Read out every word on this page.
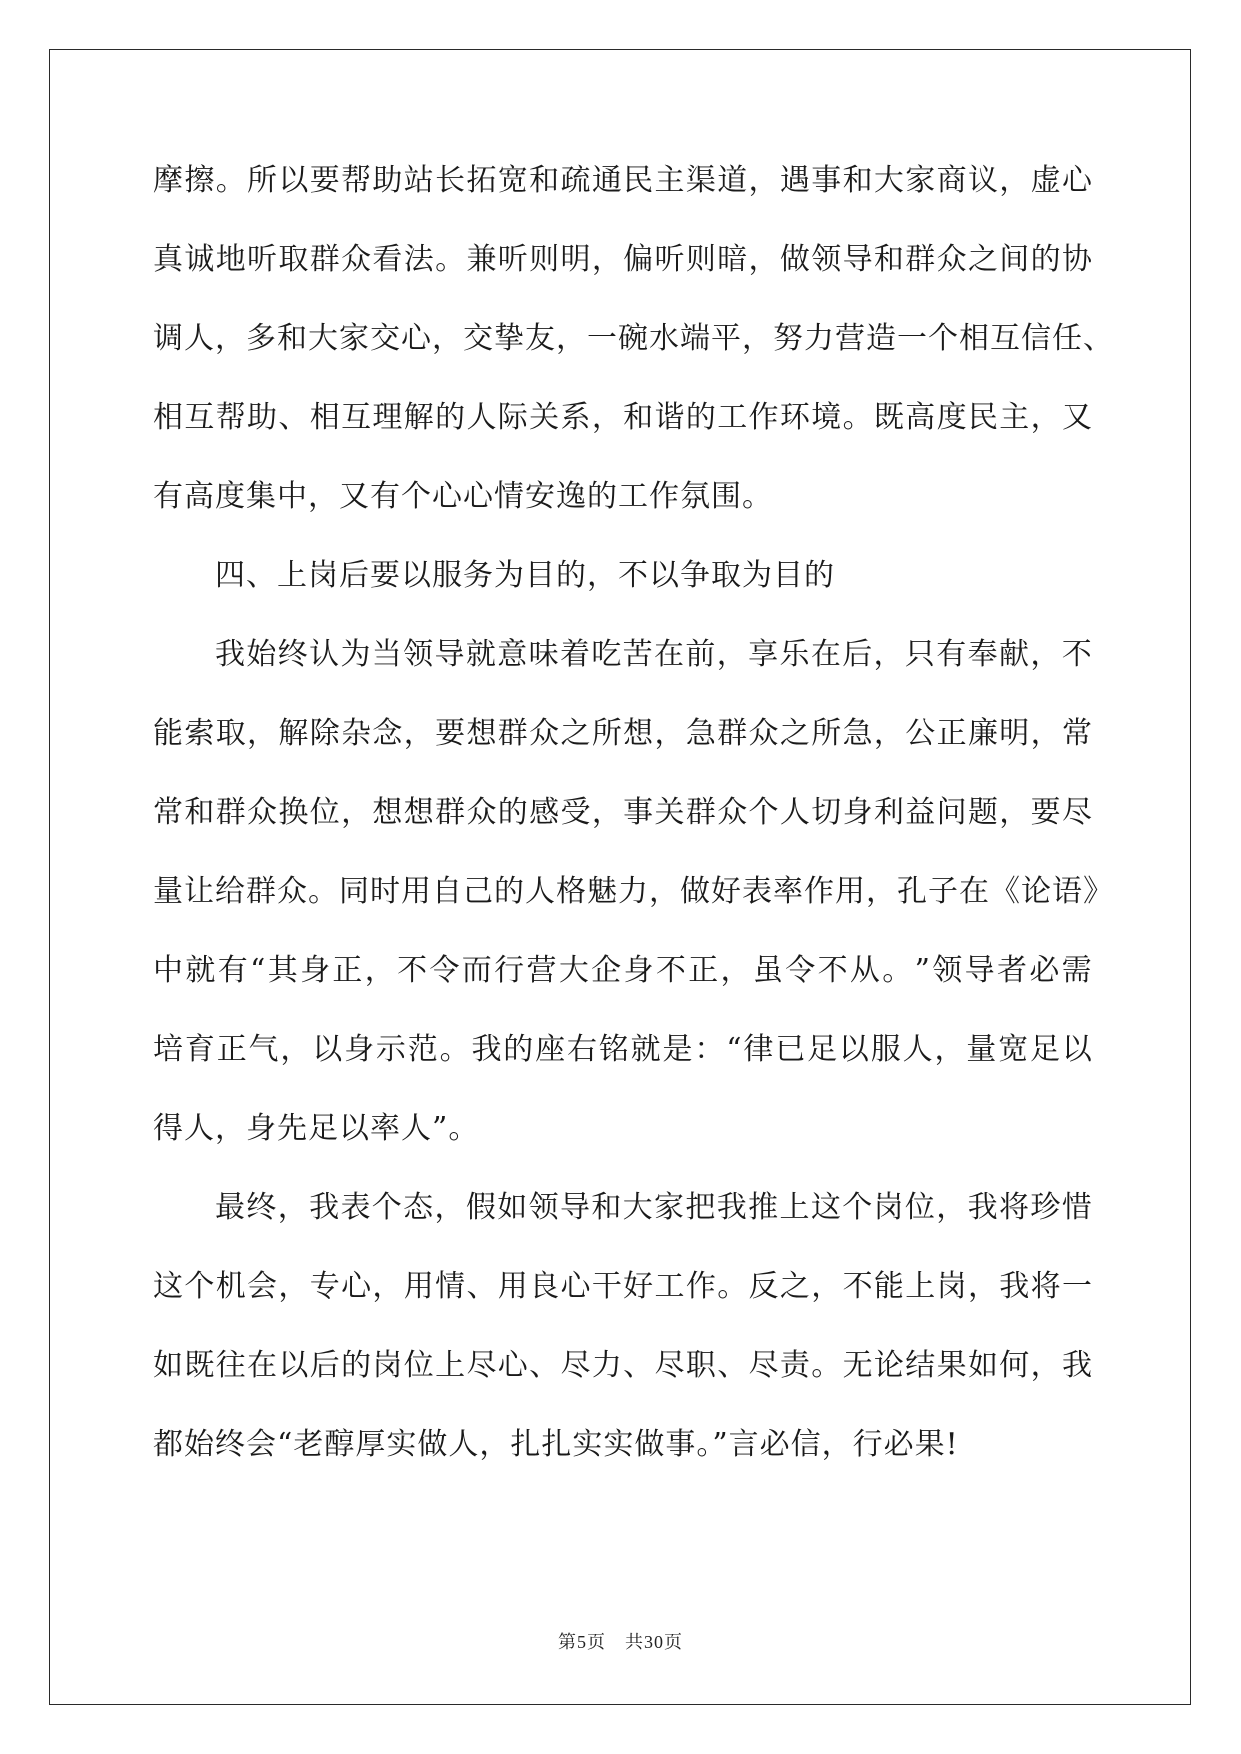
摩 擦 。 所 以 要 帮 助 站 长 拓 宽 和 疏 通 民 主 渠 道 ， 遇 事 和 大 家 商 议 ， 虚 心
真 诚 地 听 取 群 众 看 法 。 兼 听 则 明 ， 偏 听 则 暗 ， 做 领 导 和 群 众 之 间 的 协
调 人 ， 多 和 大 家 交 心 ， 交 挚 友 ， 一 碗 水 端 平 ， 努 力 营 造 一 个 相 互 信 任 、
相 互 帮 助 、 相 互 理 解 的 人 际 关 系 ， 和 谐 的 工 作 环 境 。 既 高 度 民 主 ， 又
有高度集中，又有个心心情安逸的工作氛围。
四、上岗后要以服务为目的，不以争取为目的
我 始 终 认 为 当 领 导 就 意 味 着 吃 苦 在 前 ， 享 乐 在 后 ， 只 有 奉 献 ， 不
能 索 取 ， 解 除 杂 念 ， 要 想 群 众 之 所 想 ， 急 群 众 之 所 急 ， 公 正 廉 明 ， 常
常 和 群 众 换 位 ， 想 想 群 众 的 感 受 ， 事 关 群 众 个 人 切 身 利 益 问 题 ， 要 尽
量 让 给 群 众 。 同 时 用 自 己 的 人 格 魅 力 ， 做 好 表 率 作 用 ， 孔 子 在 《 论 语 》
中 就 有 “ 其 身 正 ， 不 令 而 行 营 大 企 身 不 正 ， 虽 令 不 从 。 ” 领 导 者 必 需
培 育 正 气 ， 以 身 示 范 。 我 的 座 右 铭 就 是 ： “ 律 已 足 以 服 人 ， 量 宽 足 以
得人，身先足以率人”。
最 终 ， 我 表 个 态 ， 假 如 领 导 和 大 家 把 我 推 上 这 个 岗 位 ， 我 将 珍 惜
这 个 机 会 ， 专 心 ， 用 情 、 用 良 心 干 好 工 作 。 反 之 ， 不 能 上 岗 ， 我 将 一
如 既 往 在 以 后 的 岗 位 上 尽 心 、 尽 力 、 尽 职 、 尽 责 。 无 论 结 果 如 何 ， 我
都始终会“老醇厚实做人，扎扎实实做事。”言必信，行必果!
第5页　 共30页
